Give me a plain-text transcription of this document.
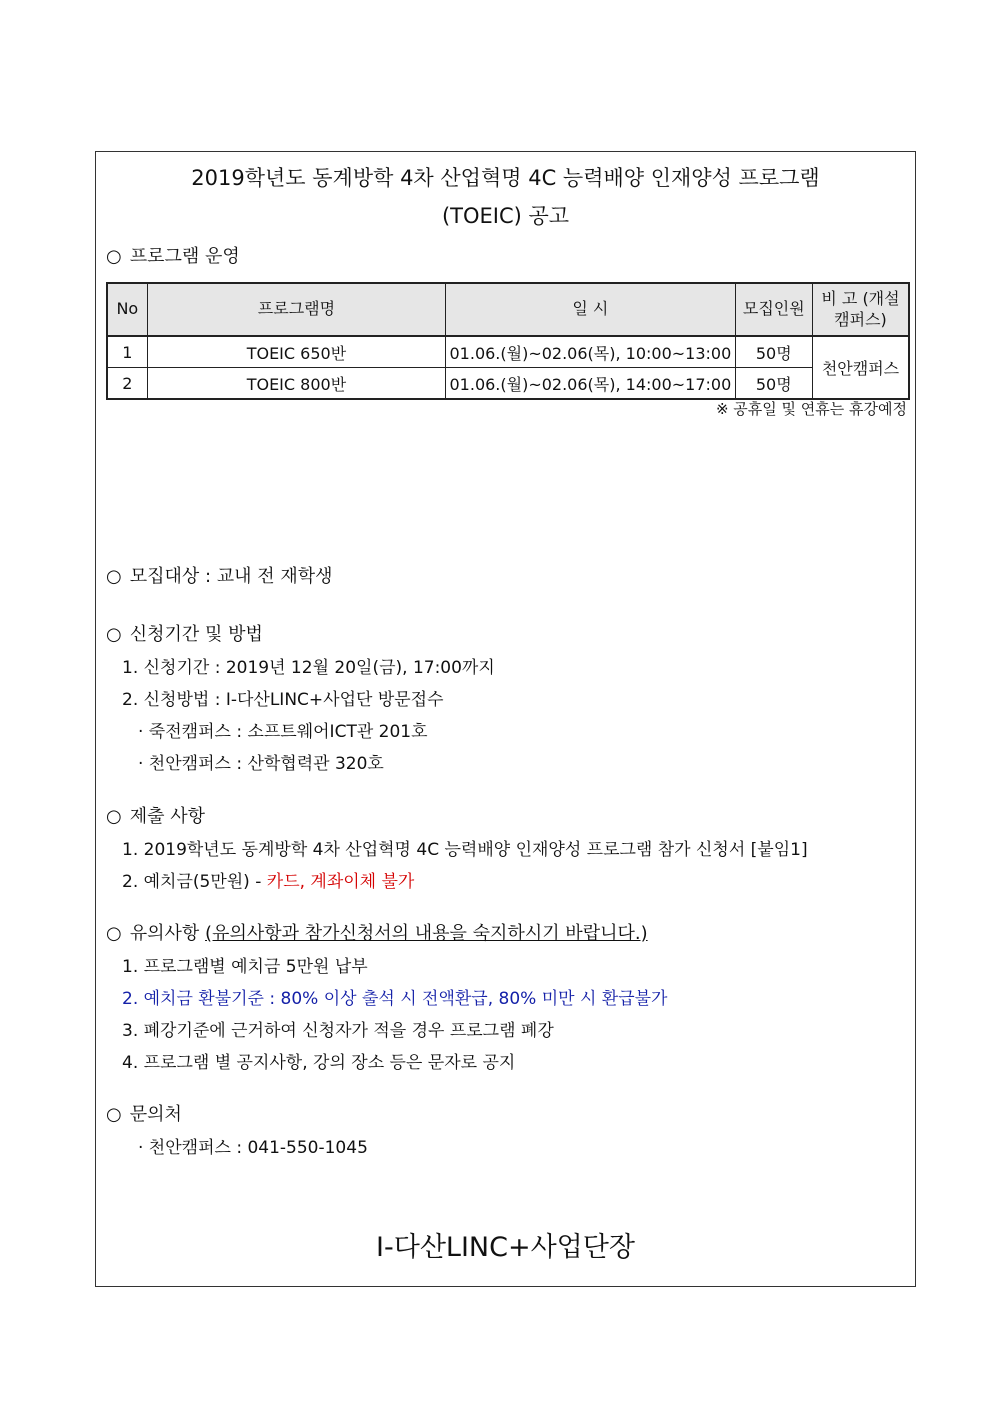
2019학년도 동계방학 4차 산업혁명 4C 능력배양 인재양성 프로그램
(TOEIC) 공고
○ 프로그램 운영
No	프로그램명	일 시	모집인원	비 고 (개설캠퍼스)
1	TOEIC 650반	01.06.(월)~02.06(목), 10:00~13:00	50명	천안캠퍼스
2	TOEIC 800반	01.06.(월)~02.06(목), 14:00~17:00	50명	
※ 공휴일 및 연휴는 휴강예정
○ 모집대상 : 교내 전 재학생
○ 신청기간 및 방법
1. 신청기간 : 2019년 12월 20일(금), 17:00까지
2. 신청방법 : I-다산LINC+사업단 방문접수
· 죽전캠퍼스 : 소프트웨어ICT관 201호
· 천안캠퍼스 : 산학협력관 320호
○ 제출 사항
1. 2019학년도 동계방학 4차 산업혁명 4C 능력배양 인재양성 프로그램 참가 신청서 [붙임1]
2. 예치금(5만원) - 카드, 계좌이체 불가
○ 유의사항 (유의사항과 참가신청서의 내용을 숙지하시기 바랍니다.)
1. 프로그램별 예치금 5만원 납부
2. 예치금 환불기준 : 80% 이상 출석 시 전액환급, 80% 미만 시 환급불가
3. 폐강기준에 근거하여 신청자가 적을 경우 프로그램 폐강
4. 프로그램 별 공지사항, 강의 장소 등은 문자로 공지
○ 문의처
· 천안캠퍼스 : 041-550-1045
I-다산LINC+사업단장
